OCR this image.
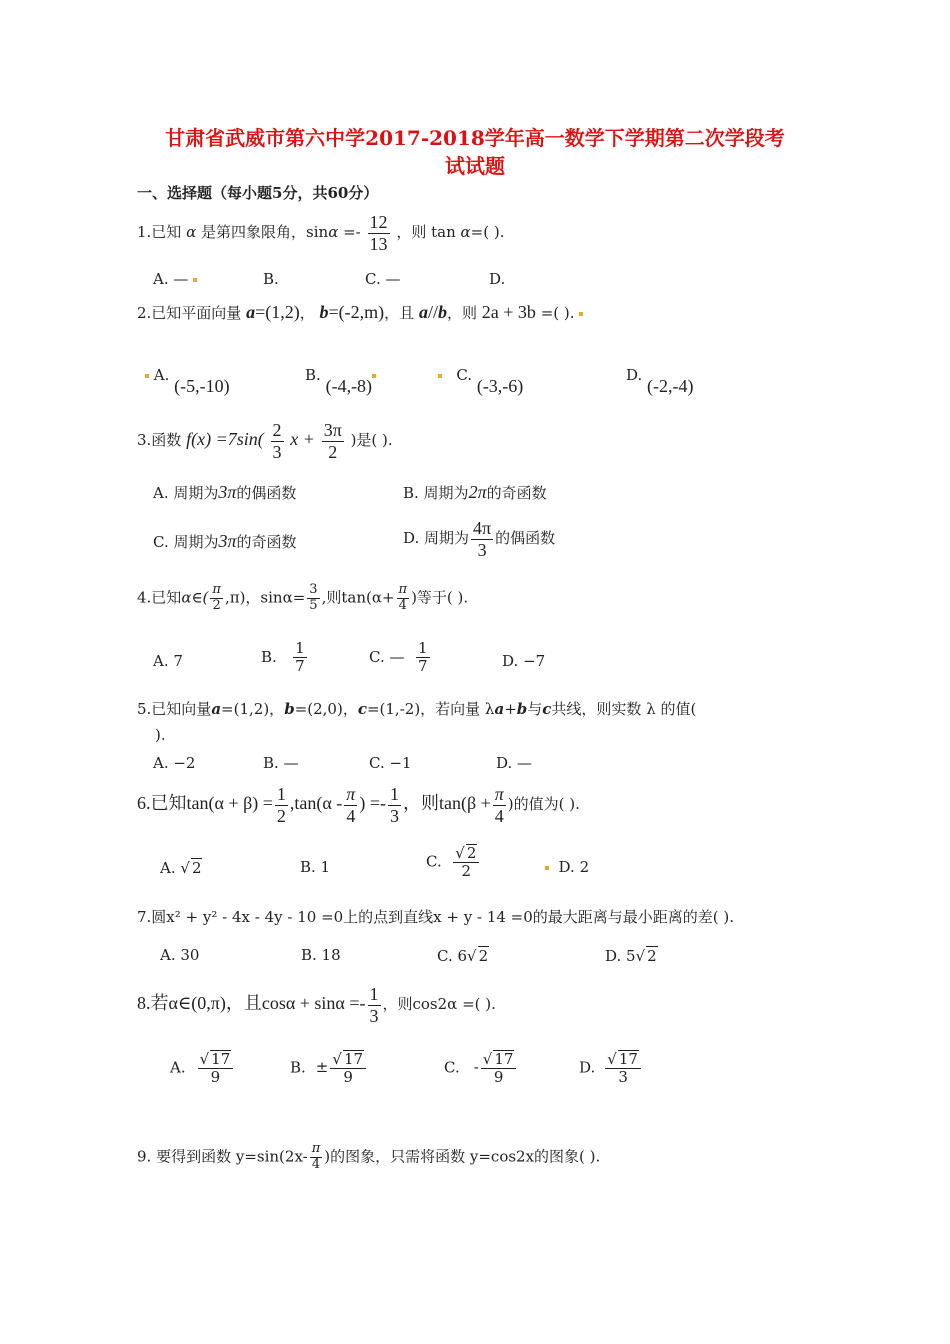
甘肃省武威市第六中学2017-2018学年高一数学下学期第二次学段考
试试题
一、选择题（每小题5分，共60分）
1.已知 α 是第四象限角，$\sin\alpha =- \frac{12}{13}$ ，则 tan α=( ).
A. —	B.	C. —	D.
2.已知平面向量 a=(1,2)， b=(-2,m)，且 a//b，则 2a + 3b =( ).
A. (-5,-10)
B. (-4,-8)
C. (-3,-6)
D. (-2,-4)
3.函数 $f(x) =7\sin( \frac{2}{3}$ $x + \frac{3\pi}{2}$ )是( ).
A. 周期为3π的偶函数	B. 周期为2π的奇函数
C. 周期为3π的奇函数	D. 周期为 $\frac{4\pi}{3}$ 的偶函数
4.已知α∈( $\frac{\pi}{2} ,\pi$)，$\sin\alpha= \frac{3}{5}$ ,则$\tan(\alpha+ \frac{\pi}{4}$ )等于( ).
A. 7	B. $\frac{1}{7}$	C. — $\frac{1}{7}$	D. −7
5.已知向量a=(1,2)，b=(2,0)，c=(1,-2)，若向量 λa+b与c共线，则实数 λ 的值(
).
A. −2	B. —	C. −1	D. —
6.已知$\tan(\alpha + \beta) = \frac{1}{2} ,\tan(\alpha - \frac{\pi}{4}$ ) =- $\frac{1}{3}$ ，则$\tan(\beta + \frac{\pi}{4}$ )的值为( ).
A. √ 2	B. 1	C. $\frac{√ 2}{2}$	D. 2
7.圆x² + y² - 4x - 4y - 10 =0上的点到直线x + y - 14 =0的最大距离与最小距离的差( ).
A. 30	B. 18	C. 6√ 2	D. 5√ 2
8.若α∈(0,π)，且$\cos\alpha + \sin\alpha =- \frac{1}{3}$ ，则cos2α =( ).
A. $\frac{√ 17}{9}$	B. ± $\frac{√ 17}{9}$	C. - $\frac{√ 17}{9}$	D. $\frac{√ 17}{3}$
9. 要得到函数 $y=\sin(2x- \frac{\pi}{4}$ )的图象，只需将函数 y=cos2x的图象( ).
